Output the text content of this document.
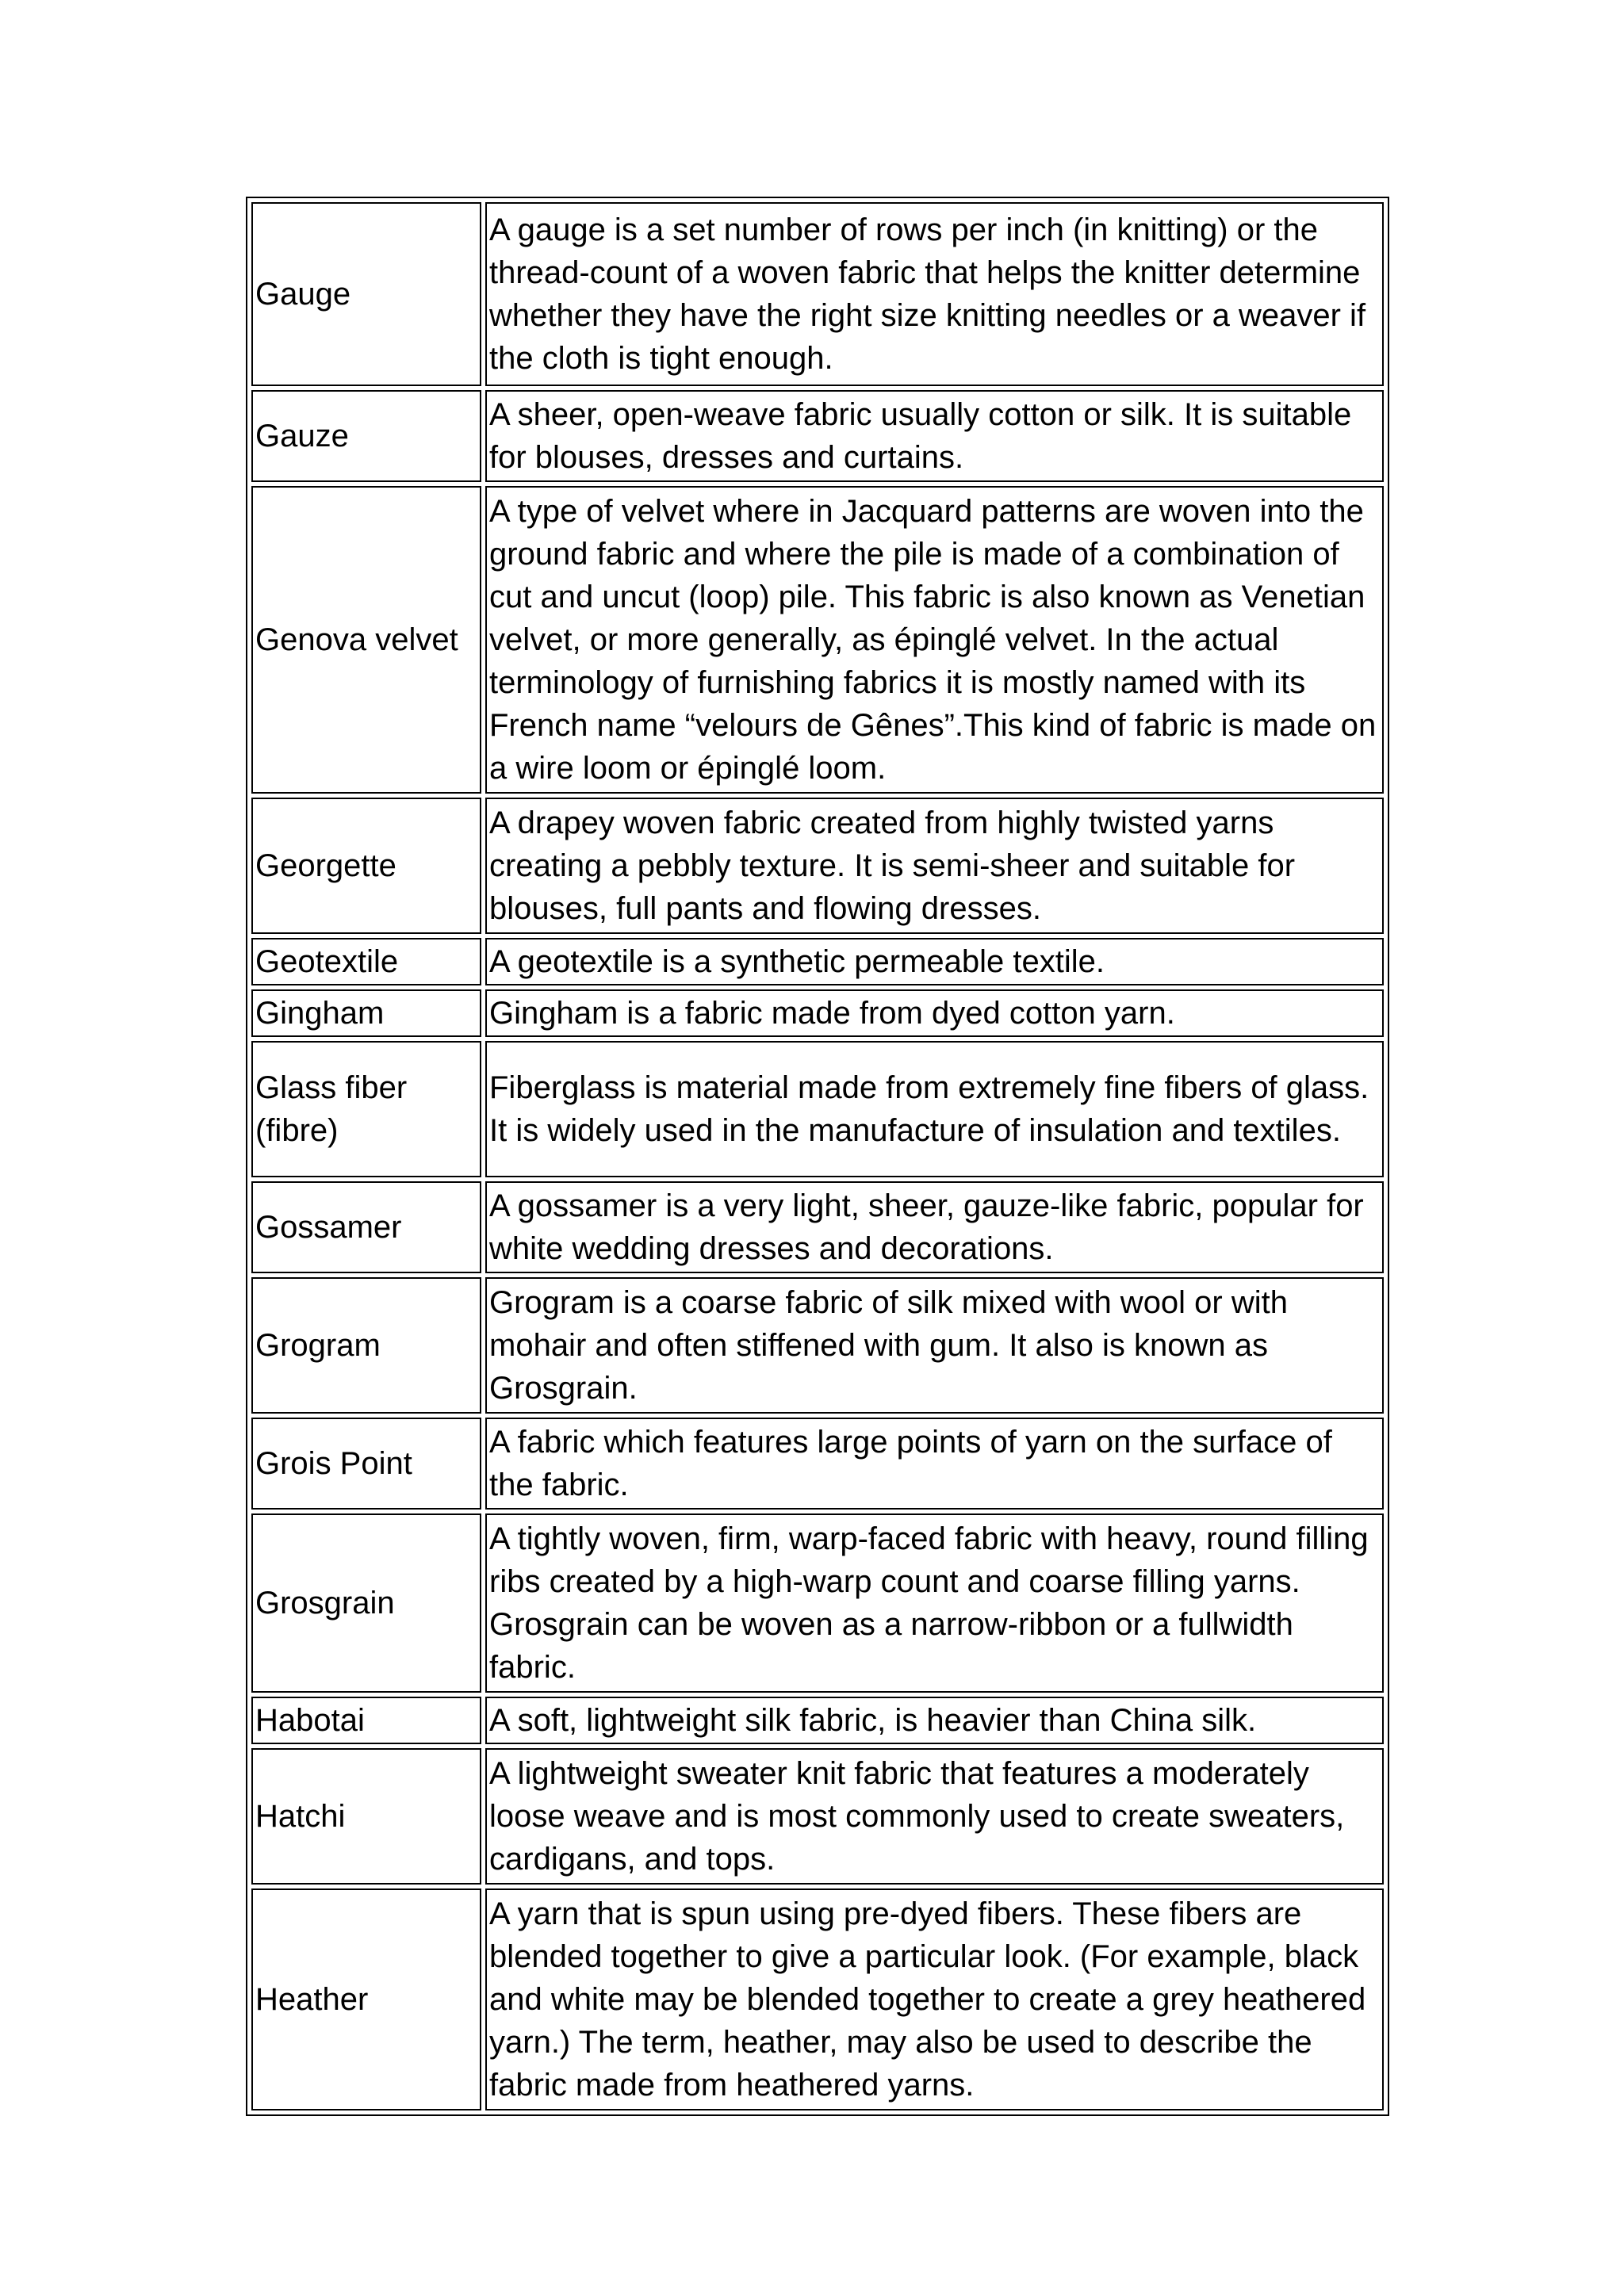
Gauge	A gauge is a set number of rows per inch (in knitting) or the thread-count of a woven fabric that helps the knitter determine whether they have the right size knitting needles or a weaver if the cloth is tight enough.
Gauze	A sheer, open-weave fabric usually cotton or silk. It is suitable for blouses, dresses and curtains.
Genova velvet	A type of velvet where in Jacquard patterns are woven into the ground fabric and where the pile is made of a combination of cut and uncut (loop) pile. This fabric is also known as Venetian velvet, or more generally, as épinglé velvet. In the actual terminology of furnishing fabrics it is mostly named with its French name “velours de Gênes”.This kind of fabric is made on a wire loom or épinglé loom.
Georgette	A drapey woven fabric created from highly twisted yarns creating a pebbly texture. It is semi-sheer and suitable for blouses, full pants and flowing dresses.
Geotextile	A geotextile is a synthetic permeable textile.
Gingham	Gingham is a fabric made from dyed cotton yarn.
Glass fiber (fibre)	Fiberglass is material made from extremely fine fibers of glass. It is widely used in the manufacture of insulation and textiles.
Gossamer	A gossamer is a very light, sheer, gauze-like fabric, popular for white wedding dresses and decorations.
Grogram	Grogram is a coarse fabric of silk mixed with wool or with mohair and often stiffened with gum. It also is known as Grosgrain.
Grois Point	A fabric which features large points of yarn on the surface of the fabric.
Grosgrain	A tightly woven, firm, warp-faced fabric with heavy, round filling ribs created by a high-warp count and coarse filling yarns. Grosgrain can be woven as a narrow-ribbon or a fullwidth fabric.
Habotai	A soft, lightweight silk fabric, is heavier than China silk.
Hatchi	A lightweight sweater knit fabric that features a moderately loose weave and is most commonly used to create sweaters, cardigans, and tops.
Heather	A yarn that is spun using pre-dyed fibers. These fibers are blended together to give a particular look. (For example, black and white may be blended together to create a grey heathered yarn.) The term, heather, may also be used to describe the fabric made from heathered yarns.
